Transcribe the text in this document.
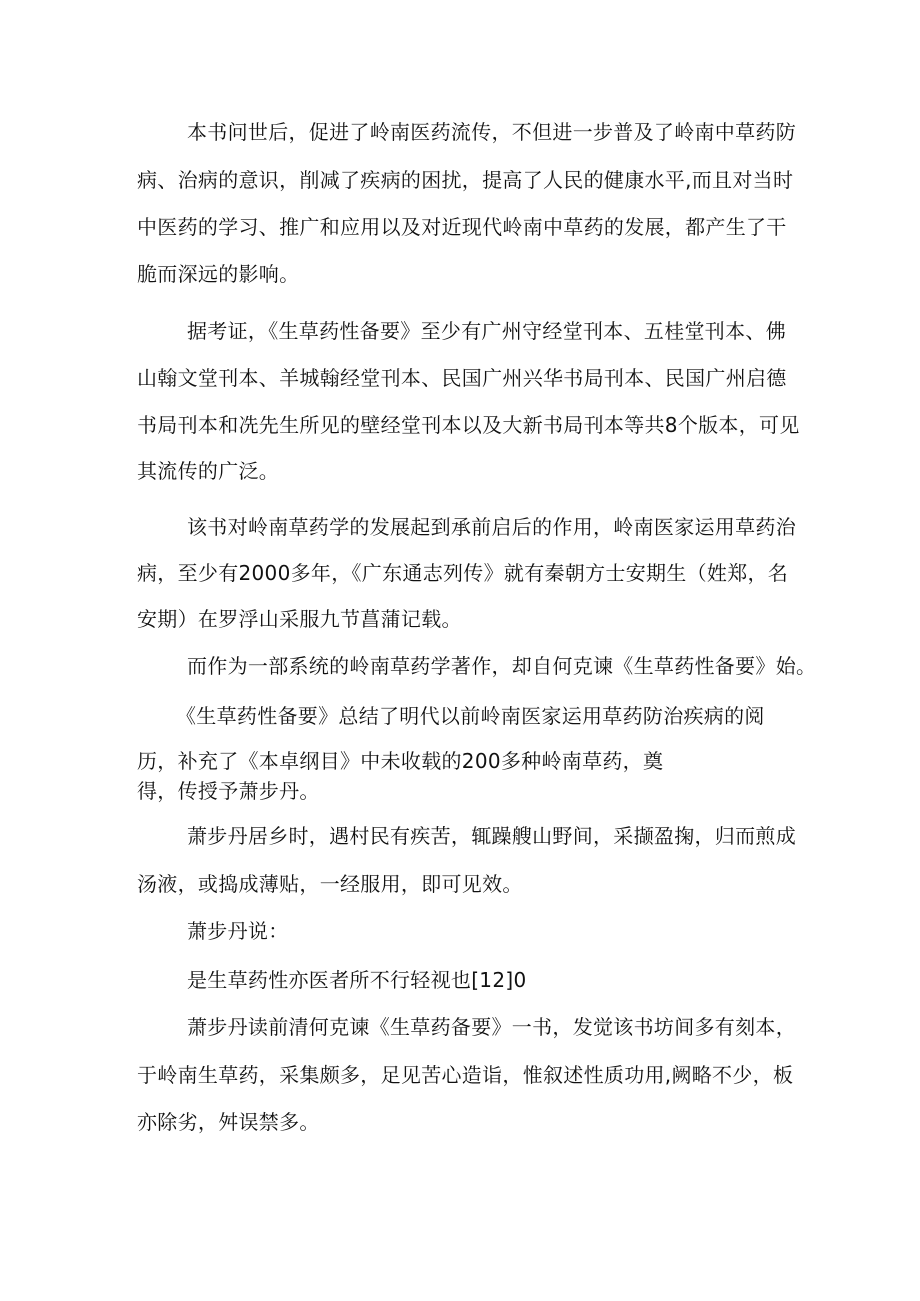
本书问世后，促进了岭南医药流传，不但进一步普及了岭南中草药防
病、治病的意识，削减了疾病的困扰，提高了人民的健康水平,而且对当时
中医药的学习、推广和应用以及对近现代岭南中草药的发展，都产生了干
脆而深远的影响。
据考证，《生草药性备要》至少有广州守经堂刊本、五桂堂刊本、佛
山翰文堂刊本、羊城翰经堂刊本、民国广州兴华书局刊本、民国广州启德
书局刊本和冼先生所见的壁经堂刊本以及大新书局刊本等共8个版本，可见
其流传的广泛。
该书对岭南草药学的发展起到承前启后的作用，岭南医家运用草药治
病，至少有2000多年，《广东通志列传》就有秦朝方士安期生（姓郑，名
安期）在罗浮山采服九节菖蒲记载。
而作为一部系统的岭南草药学著作，却自何克谏《生草药性备要》始。
《生草药性备要》总结了明代以前岭南医家运用草药防治疾病的阅
历，补充了《本卓纲目》中未收载的200多种岭南草药，奠
得，传授予萧步丹。
萧步丹居乡时，遇村民有疾苦，辄躁艘山野间，采撷盈掬，归而煎成
汤液，或捣成薄贴，一经服用，即可见效。
萧步丹说：
是生草药性亦医者所不行轻视也[12]0
萧步丹读前清何克谏《生草药备要》一书，发觉该书坊间多有刻本，
于岭南生草药，采集颇多，足见苦心造诣，惟叙述性质功用,阙略不少，板
亦除劣，舛误禁多。
